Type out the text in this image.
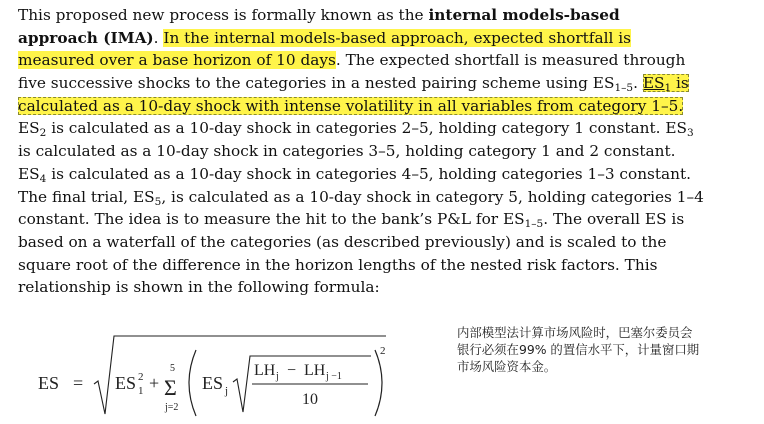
This proposed new process is formally known as the internal models-based
approach (IMA). In the internal models-based approach, expected shortfall is
measured over a base horizon of 10 days. The expected shortfall is measured through
five successive shocks to the categories in a nested pairing scheme using $ES_{1-5}$. $ES_1$ is
calculated as a 10-day shock with intense volatility in all variables from category 1–5.
$ES_2$ is calculated as a 10-day shock in categories 2–5, holding category 1 constant. $ES_3$
is calculated as a 10-day shock in categories 3–5, holding category 1 and 2 constant.
$ES_4$ is calculated as a 10-day shock in categories 4–5, holding categories 1–3 constant.
The final trial, $ES_5$, is calculated as a 10-day shock in category 5, holding categories 1–4
constant. The idea is to measure the hit to the bank’s P&L for $ES_{1-5}$. The overall ES is
based on a waterfall of the categories (as described previously) and is scaled to the
square root of the difference in the horizon lengths of the nested risk factors. This
relationship is shown in the following formula:
内部模型法计算市场风险时，巴塞尔委员会
银行必须在99% 的置信水平下，计量窗口期
市场风险资本金。
ES = ES 1
2 +
5
Σ
j=2
ES j
LH j − LH j −1
10
2
